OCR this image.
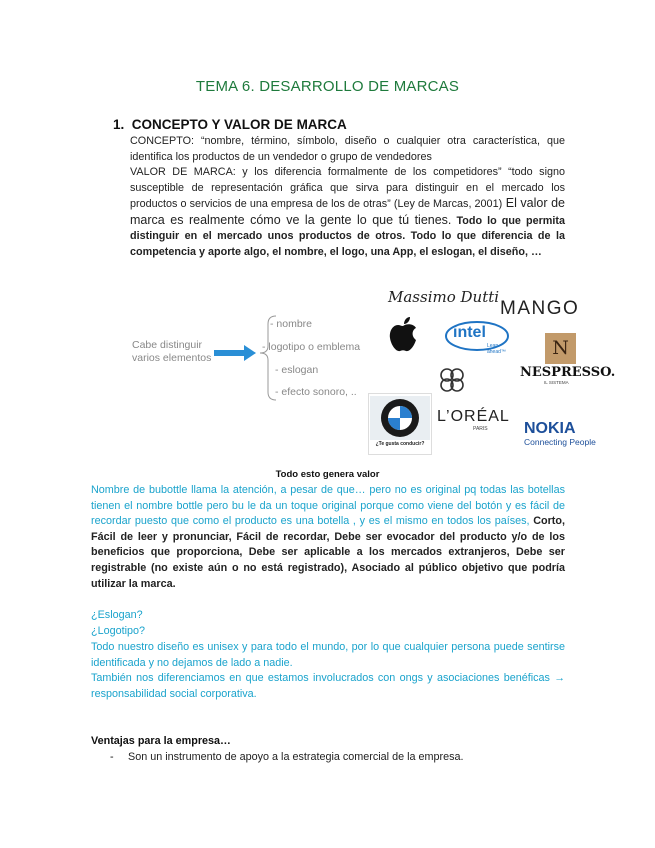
TEMA 6. DESARROLLO DE MARCAS
1. CONCEPTO Y VALOR DE MARCA
CONCEPTO: “nombre, término, símbolo, diseño o cualquier otra característica, que identifica los productos de un vendedor o grupo de vendedores
VALOR DE MARCA: y los diferencia formalmente de los competidores” “todo signo susceptible de representación gráfica que sirva para distinguir en el mercado los productos o servicios de una empresa de los de otras” (Ley de Marcas, 2001) El valor de marca es realmente cómo ve la gente lo que tú tienes. Todo lo que permita distinguir en el mercado unos productos de otros. Todo lo que diferencia de la competencia y aporte algo, el nombre, el logo, una App, el eslogan, el diseño, …
Cabe distinguir
varios elementos
- nombre
- logotipo o emblema
- eslogan
- efecto sonoro, ..
Massimo Dutti
MANGO
intel
Leap ahead™	N
NESPRESSO.
IL SISTEMA
¿Te gusta conducir?
L’ORÉAL
PARIS	NOKIA
Connecting People
Todo esto genera valor
Nombre de bubottle llama la atención, a pesar de que… pero no es original pq todas las botellas tienen el nombre bottle pero bu le da un toque original porque como viene del botón y es fácil de recordar puesto que como el producto es una botella , y es el mismo en todos los países, Corto, Fácil de leer y pronunciar, Fácil de recordar, Debe ser evocador del producto y/o de los beneficios que proporciona, Debe ser aplicable a los mercados extranjeros, Debe ser registrable (no existe aún o no está registrado), Asociado al público objetivo que podría utilizar la marca.
¿Eslogan?
¿Logotipo?
Todo nuestro diseño es unisex y para todo el mundo, por lo que cualquier persona puede sentirse identificada y no dejamos de lado a nadie.
También nos diferenciamos en que estamos involucrados con ongs y asociaciones benéficas → responsabilidad social corporativa.
Ventajas para la empresa…
- Son un instrumento de apoyo a la estrategia comercial de la empresa.
